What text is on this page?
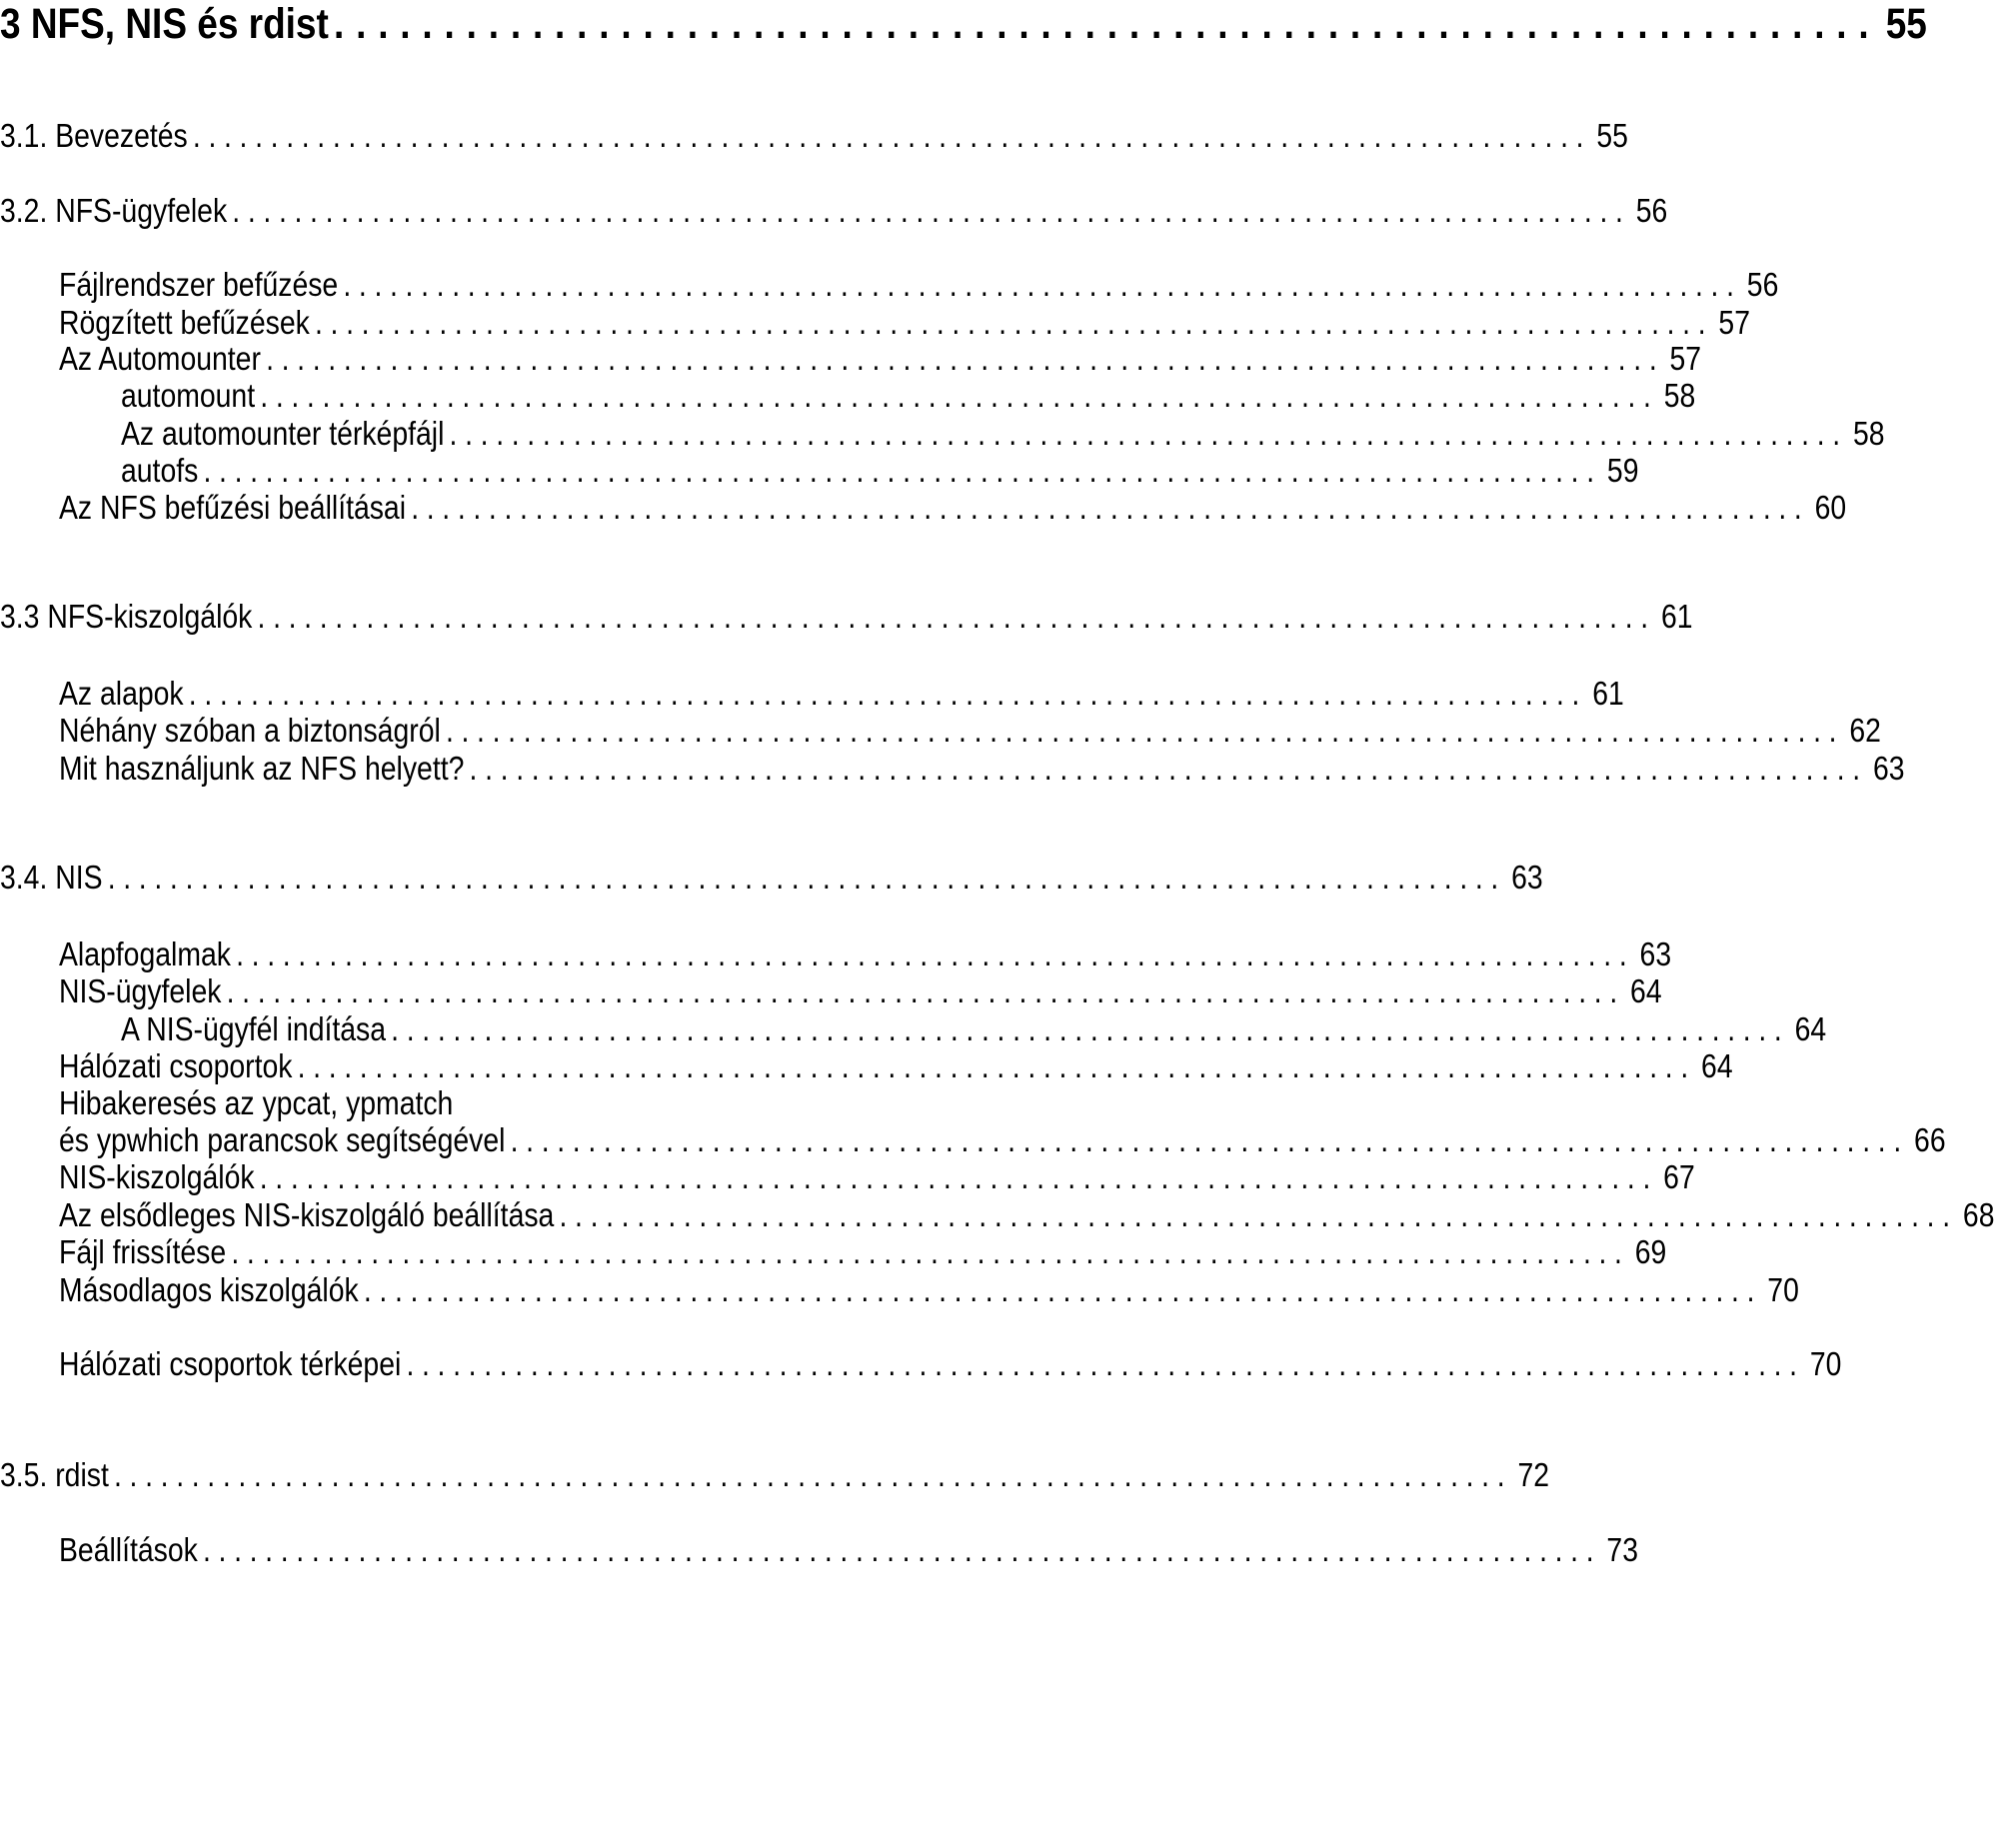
3 NFS, NIS és rdist ...................................................................... 55
3.1. Bevezetés .......................................................................................... 55
3.2. NFS-ügyfelek .......................................................................................... 56
Fájlrendszer befűzése .......................................................................................... 56
Rögzített befűzések .......................................................................................... 57
Az Automounter .......................................................................................... 57
automount .......................................................................................... 58
Az automounter térképfájl .......................................................................................... 58
autofs .......................................................................................... 59
Az NFS befűzési beállításai .......................................................................................... 60
3.3 NFS-kiszolgálók .......................................................................................... 61
Az alapok .......................................................................................... 61
Néhány szóban a biztonságról .......................................................................................... 62
Mit használjunk az NFS helyett? .......................................................................................... 63
3.4. NIS .......................................................................................... 63
Alapfogalmak .......................................................................................... 63
NIS-ügyfelek .......................................................................................... 64
A NIS-ügyfél indítása .......................................................................................... 64
Hálózati csoportok .......................................................................................... 64
Hibakeresés az ypcat, ypmatch
és ypwhich parancsok segítségével .......................................................................................... 66
NIS-kiszolgálók .......................................................................................... 67
Az elsődleges NIS-kiszolgáló beállítása .......................................................................................... 68
Fájl frissítése .......................................................................................... 69
Másodlagos kiszolgálók .......................................................................................... 70
Hálózati csoportok térképei .......................................................................................... 70
3.5. rdist .......................................................................................... 72
Beállítások .......................................................................................... 73
